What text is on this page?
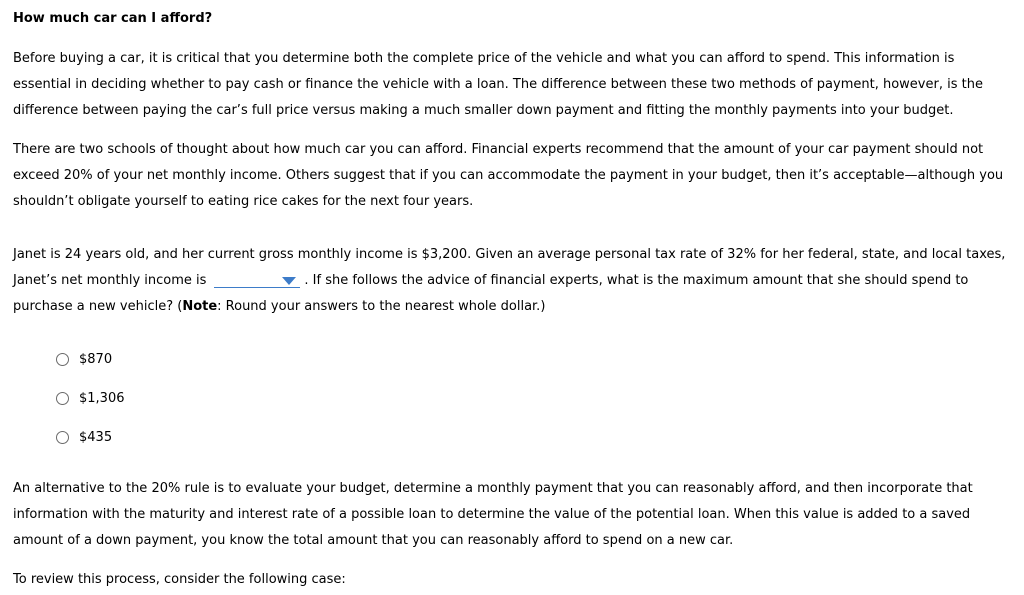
How much car can I afford?

Before buying a car, it is critical that you determine both the complete price of the vehicle and what you can afford to spend. This information is essential in deciding whether to pay cash or finance the vehicle with a loan. The difference between these two methods of payment, however, is the difference between paying the car’s full price versus making a much smaller down payment and fitting the monthly payments into your budget.

There are two schools of thought about how much car you can afford. Financial experts recommend that the amount of your car payment should not exceed 20% of your net monthly income. Others suggest that if you can accommodate the payment in your budget, then it’s acceptable—although you shouldn’t obligate yourself to eating rice cakes for the next four years.

Janet is 24 years old, and her current gross monthly income is $3,200. Given an average personal tax rate of 32% for her federal, state, and local taxes, Janet’s net monthly income is	. If she follows the advice of financial experts, what is the maximum amount that she should spend to purchase a new vehicle? (Note: Round your answers to the nearest whole dollar.)

$870
$1,306
$435

An alternative to the 20% rule is to evaluate your budget, determine a monthly payment that you can reasonably afford, and then incorporate that information with the maturity and interest rate of a possible loan to determine the value of the potential loan. When this value is added to a saved amount of a down payment, you know the total amount that you can reasonably afford to spend on a new car.

To review this process, consider the following case:
